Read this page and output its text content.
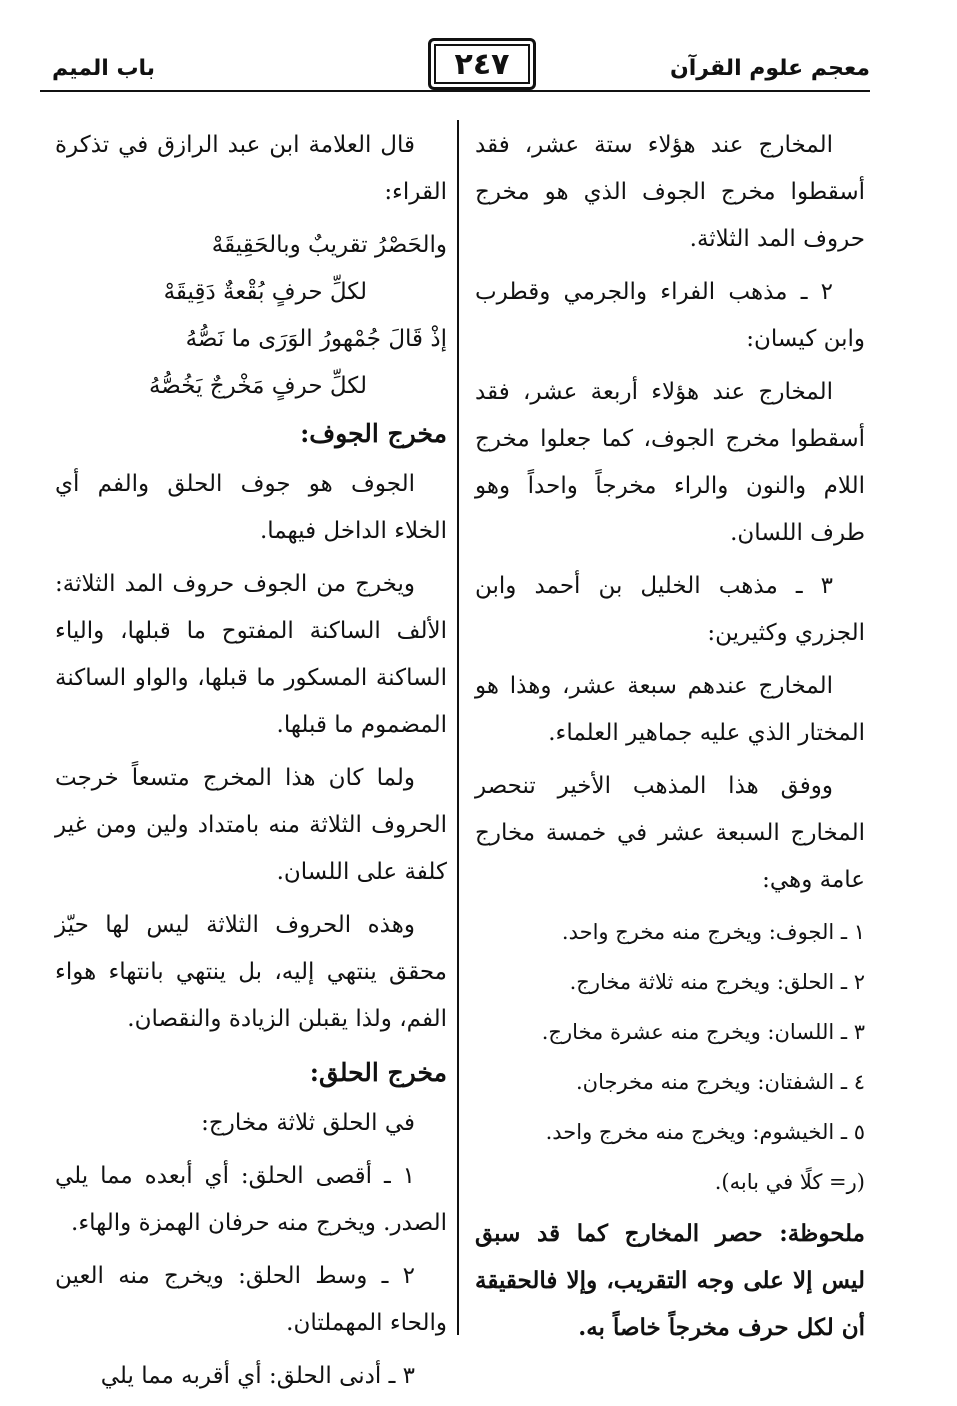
معجم علوم القرآن
٢٤٧
باب الميم

المخارج عند هؤلاء ستة عشر، فقد أسقطوا مخرج الجوف الذي هو مخرج حروف المد الثلاثة.

٢ ـ مذهب الفراء والجرمي وقطرب وابن كيسان:

المخارج عند هؤلاء أربعة عشر، فقد أسقطوا مخرج الجوف، كما جعلوا مخرج اللام والنون والراء مخرجاً واحداً وهو طرف اللسان.

٣ ـ مذهب الخليل بن أحمد وابن الجزري وكثيرين:

المخارج عندهم سبعة عشر، وهذا هو المختار الذي عليه جماهير العلماء.

ووفق هذا المذهب الأخير تنحصر المخارج السبعة عشر في خمسة مخارج عامة وهي:

١ ـ الجوف: ويخرج منه مخرج واحد.

٢ ـ الحلق: ويخرج منه ثلاثة مخارج.

٣ ـ اللسان: ويخرج منه عشرة مخارج.

٤ ـ الشفتان: ويخرج منه مخرجان.

٥ ـ الخيشوم: ويخرج منه مخرج واحد.

(ر= كلًا في بابه).

ملحوظة: حصر المخارج كما قد سبق ليس إلا على وجه التقريب، وإلا فالحقيقة أن لكل حرف مخرجاً خاصاً به.

قال العلامة ابن عبد الرازق في تذكرة القراء:

والحَصْرُ تقريبٌ وبالحَقِيقَهْ

لكلِّ حرفٍ بُقْعةٌ دَقِيقَهْ

إذْ قَالَ جُمْهورُ الوَرَى ما نَصُّهُ

لكلِّ حرفٍ مَخْرجٌ يَخُصُّهُ

مخرج الجوف:

الجوف هو جوف الحلق والفم أي الخلاء الداخل فيهما.

ويخرج من الجوف حروف المد الثلاثة: الألف الساكنة المفتوح ما قبلها، والياء الساكنة المسكور ما قبلها، والواو الساكنة المضموم ما قبلها.

ولما كان هذا المخرج متسعاً خرجت الحروف الثلاثة منه بامتداد ولين ومن غير كلفة على اللسان.

وهذه الحروف الثلاثة ليس لها حيّز محقق ينتهي إليه، بل ينتهي بانتهاء هواء الفم، ولذا يقبلن الزيادة والنقصان.

مخرج الحلق:

في الحلق ثلاثة مخارج:

١ ـ أقصى الحلق: أي أبعده مما يلي الصدر. ويخرج منه حرفان الهمزة والهاء.

٢ ـ وسط الحلق: ويخرج منه العين والحاء المهملتان.

٣ ـ أدنى الحلق: أي أقربه مما يلي
